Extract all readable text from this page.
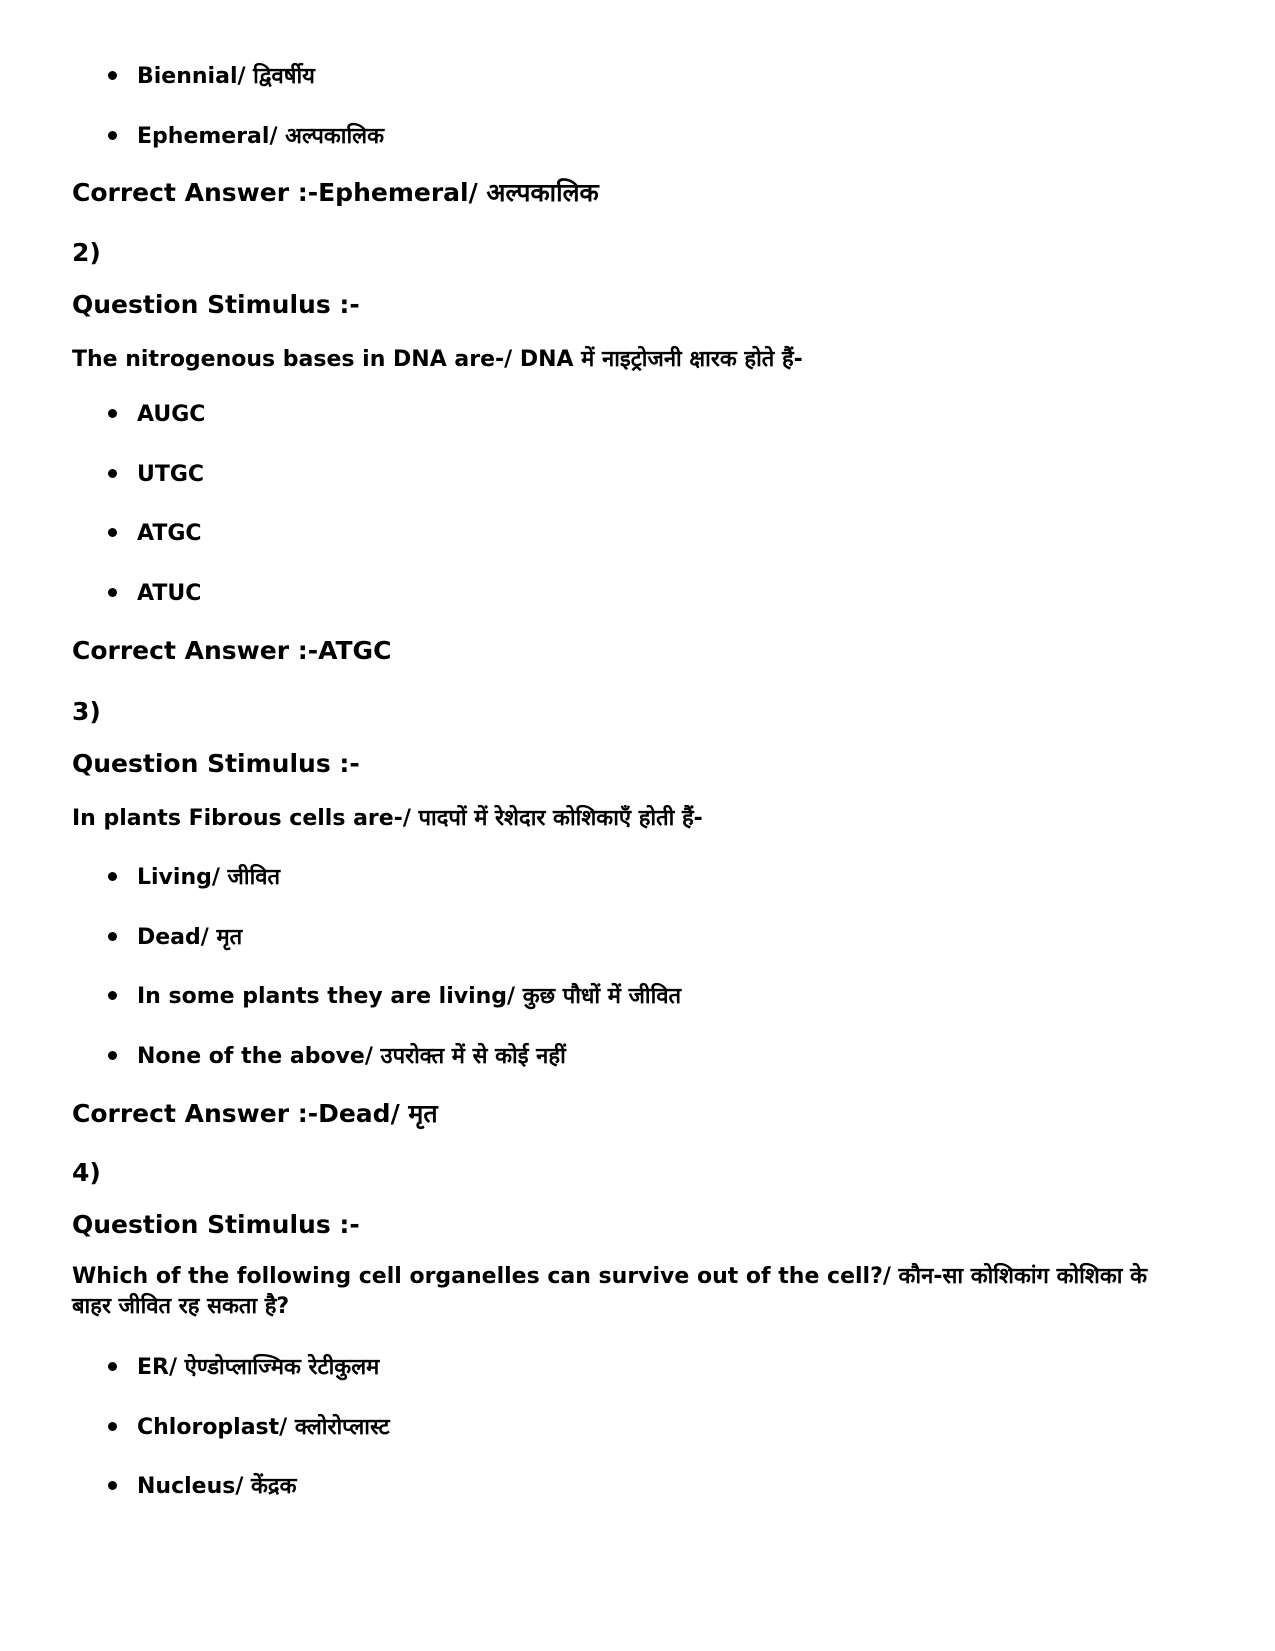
Biennial/ द्विवर्षीय
Ephemeral/ अल्पकालिक
Correct Answer :-Ephemeral/ अल्पकालिक
2)
Question Stimulus :-
The nitrogenous bases in DNA are-/ DNA में नाइट्रोजनी क्षारक होते हैं-
AUGC
UTGC
ATGC
ATUC
Correct Answer :-ATGC
3)
Question Stimulus :-
In plants Fibrous cells are-/ पादपों में रेशेदार कोशिकाएँ होती हैं-
Living/ जीवित
Dead/ मृत
In some plants they are living/ कुछ पौधों में जीवित
None of the above/ उपरोक्त में से कोई नहीं
Correct Answer :-Dead/ मृत
4)
Question Stimulus :-
Which of the following cell organelles can survive out of the cell?/ कौन-सा कोशिकांग कोशिका के बाहर जीवित रह सकता है?
ER/ ऐण्डोप्लाज्मिक रेटीकुलम
Chloroplast/ क्लोरोप्लास्ट
Nucleus/ केंद्रक
